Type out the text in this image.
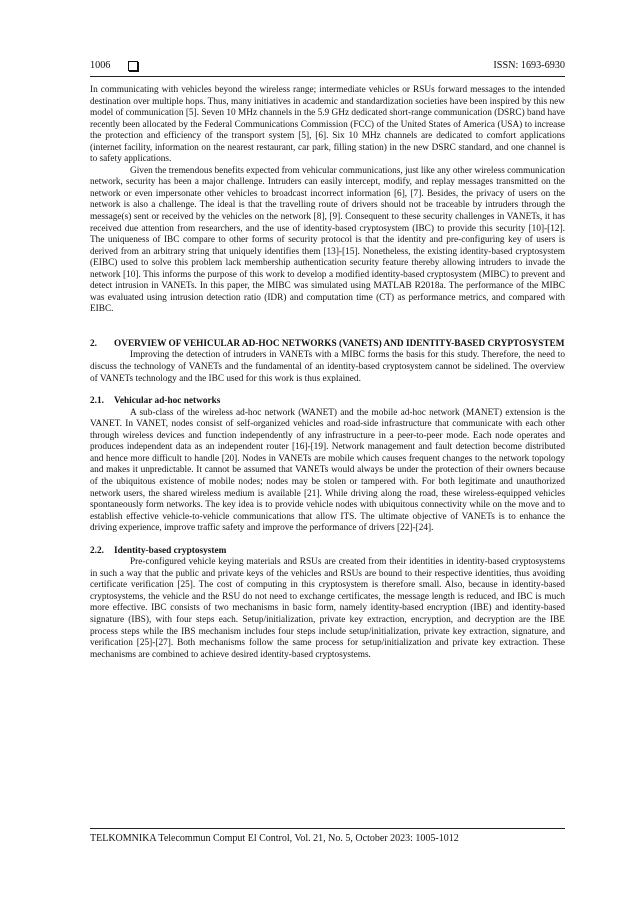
1006	ISSN: 1693-6930

In communicating with vehicles beyond the wireless range; intermediate vehicles or RSUs forward messages to the intended destination over multiple hops. Thus, many initiatives in academic and standardization societies have been inspired by this new model of communication [5]. Seven 10 MHz channels in the 5.9 GHz dedicated short-range communication (DSRC) band have recently been allocated by the Federal Communications Commission (FCC) of the United States of America (USA) to increase the protection and efficiency of the transport system [5], [6]. Six 10 MHz channels are dedicated to comfort applications (internet facility, information on the nearest restaurant, car park, filling station) in the new DSRC standard, and one channel is to safety applications.

Given the tremendous benefits expected from vehicular communications, just like any other wireless communication network, security has been a major challenge. Intruders can easily intercept, modify, and replay messages transmitted on the network or even impersonate other vehicles to broadcast incorrect information [6], [7]. Besides, the privacy of users on the network is also a challenge. The ideal is that the travelling route of drivers should not be traceable by intruders through the message(s) sent or received by the vehicles on the network [8], [9]. Consequent to these security challenges in VANETs, it has received due attention from researchers, and the use of identity-based cryptosystem (IBC) to provide this security [10]-[12]. The uniqueness of IBC compare to other forms of security protocol is that the identity and pre-configuring key of users is derived from an arbitrary string that uniquely identifies them [13]-[15]. Nonetheless, the existing identity-based cryptosystem (EIBC) used to solve this problem lack membership authentication security feature thereby allowing intruders to invade the network [10]. This informs the purpose of this work to develop a modified identity-based cryptosystem (MIBC) to prevent and detect intrusion in VANETs. In this paper, the MIBC was simulated using MATLAB R2018a. The performance of the MIBC was evaluated using intrusion detection ratio (IDR) and computation time (CT) as performance metrics, and compared with EIBC.

2.	OVERVIEW OF VEHICULAR AD-HOC NETWORKS (VANETS) AND IDENTITY-BASED CRYPTOSYSTEM

Improving the detection of intruders in VANETs with a MIBC forms the basis for this study. Therefore, the need to discuss the technology of VANETs and the fundamental of an identity-based cryptosystem cannot be sidelined. The overview of VANETs technology and the IBC used for this work is thus explained.

2.1. Vehicular ad-hoc networks

A sub-class of the wireless ad-hoc network (WANET) and the mobile ad-hoc network (MANET) extension is the VANET. In VANET, nodes consist of self-organized vehicles and road-side infrastructure that communicate with each other through wireless devices and function independently of any infrastructure in a peer-to-peer mode. Each node operates and produces independent data as an independent router [16]-[19]. Network management and fault detection become distributed and hence more difficult to handle [20]. Nodes in VANETs are mobile which causes frequent changes to the network topology and makes it unpredictable. It cannot be assumed that VANETs would always be under the protection of their owners because of the ubiquitous existence of mobile nodes; nodes may be stolen or tampered with. For both legitimate and unauthorized network users, the shared wireless medium is available [21]. While driving along the road, these wireless-equipped vehicles spontaneously form networks. The key idea is to provide vehicle nodes with ubiquitous connectivity while on the move and to establish effective vehicle-to-vehicle communications that allow ITS. The ultimate objective of VANETs is to enhance the driving experience, improve traffic safety and improve the performance of drivers [22]-[24].

2.2. Identity-based cryptosystem

Pre-configured vehicle keying materials and RSUs are created from their identities in identity-based cryptosystems in such a way that the public and private keys of the vehicles and RSUs are bound to their respective identities, thus avoiding certificate verification [25]. The cost of computing in this cryptosystem is therefore small. Also, because in identity-based cryptosystems, the vehicle and the RSU do not need to exchange certificates, the message length is reduced, and IBC is much more effective. IBC consists of two mechanisms in basic form, namely identity-based encryption (IBE) and identity-based signature (IBS), with four steps each. Setup/initialization, private key extraction, encryption, and decryption are the IBE process steps while the IBS mechanism includes four steps include setup/initialization, private key extraction, signature, and verification [25]-[27]. Both mechanisms follow the same process for setup/initialization and private key extraction. These mechanisms are combined to achieve desired identity-based cryptosystems.

TELKOMNIKA Telecommun Comput El Control, Vol. 21, No. 5, October 2023: 1005-1012
